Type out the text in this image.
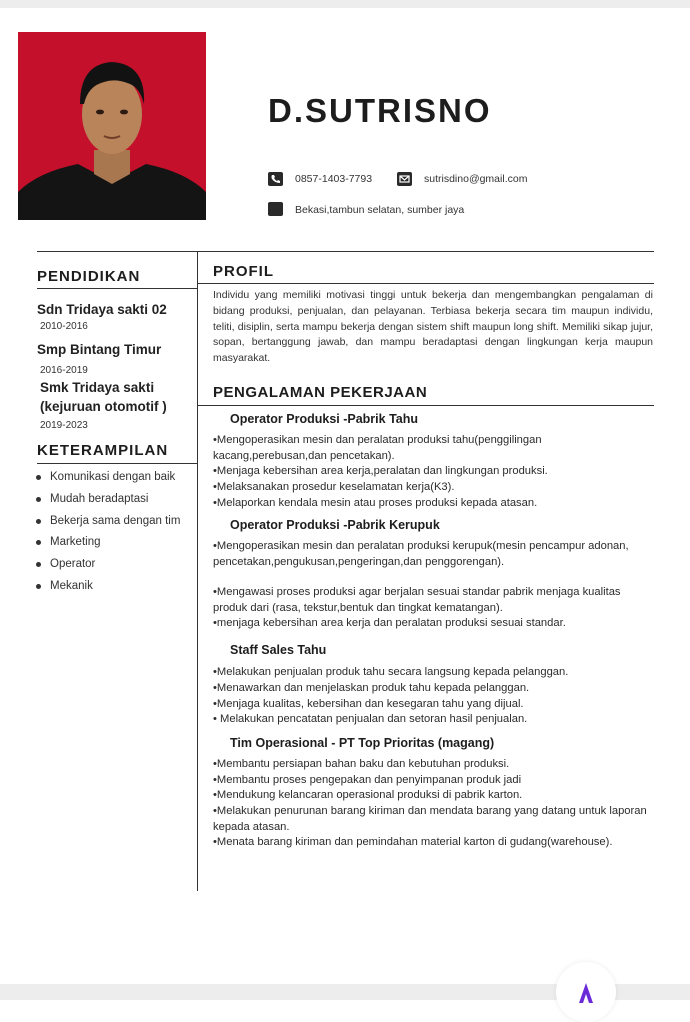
D.SUTRISNO
0857-1403-7793	sutrisdino@gmail.com
Bekasi,tambun selatan, sumber jaya
PENDIDIKAN
Sdn Tridaya sakti 02
2010-2016
Smp Bintang Timur
2016-2019
Smk Tridaya sakti
(kejuruan otomotif )
2019-2023
KETERAMPILAN
Komunikasi dengan baik
Mudah beradaptasi
Bekerja sama dengan tim
Marketing
Operator
Mekanik
PROFIL

Individu yang memiliki motivasi tinggi untuk bekerja dan mengembangkan pengalaman di bidang produksi, penjualan, dan pelayanan. Terbiasa bekerja secara tim maupun individu, teliti, disiplin, serta mampu bekerja dengan sistem shift maupun long shift. Memiliki sikap jujur, sopan, bertanggung jawab, dan mampu beradaptasi dengan lingkungan kerja maupun masyarakat.

PENGALAMAN PEKERJAAN
Operator Produksi -Pabrik Tahu
•Mengoperasikan mesin dan peralatan produksi tahu(penggilingan kacang,perebusan,dan pencetakan).
•Menjaga kebersihan area kerja,peralatan dan lingkungan produksi.
•Melaksanakan prosedur keselamatan kerja(K3).
•Melaporkan kendala mesin atau proses produksi kepada atasan.
Operator Produksi -Pabrik Kerupuk
•Mengoperasikan mesin dan peralatan produksi kerupuk(mesin pencampur adonan, pencetakan,pengukusan,pengeringan,dan penggorengan).
•Mengawasi proses produksi agar berjalan sesuai standar pabrik menjaga kualitas produk dari (rasa, tekstur,bentuk dan tingkat kematangan).
•menjaga kebersihan area kerja dan peralatan produksi sesuai standar.
Staff Sales Tahu
•Melakukan penjualan produk tahu secara langsung kepada pelanggan.
•Menawarkan dan menjelaskan produk tahu kepada pelanggan.
•Menjaga kualitas, kebersihan dan kesegaran tahu yang dijual.
• Melakukan pencatatan penjualan dan setoran hasil penjualan.
Tim Operasional - PT Top Prioritas (magang)
•Membantu persiapan bahan baku dan kebutuhan produksi.
•Membantu proses pengepakan dan penyimpanan produk jadi
•Mendukung kelancaran operasional produksi di pabrik karton.
•Melakukan penurunan barang kiriman dan mendata barang yang datang untuk laporan kepada atasan.
•Menata barang kiriman dan pemindahan material karton di gudang(warehouse).
